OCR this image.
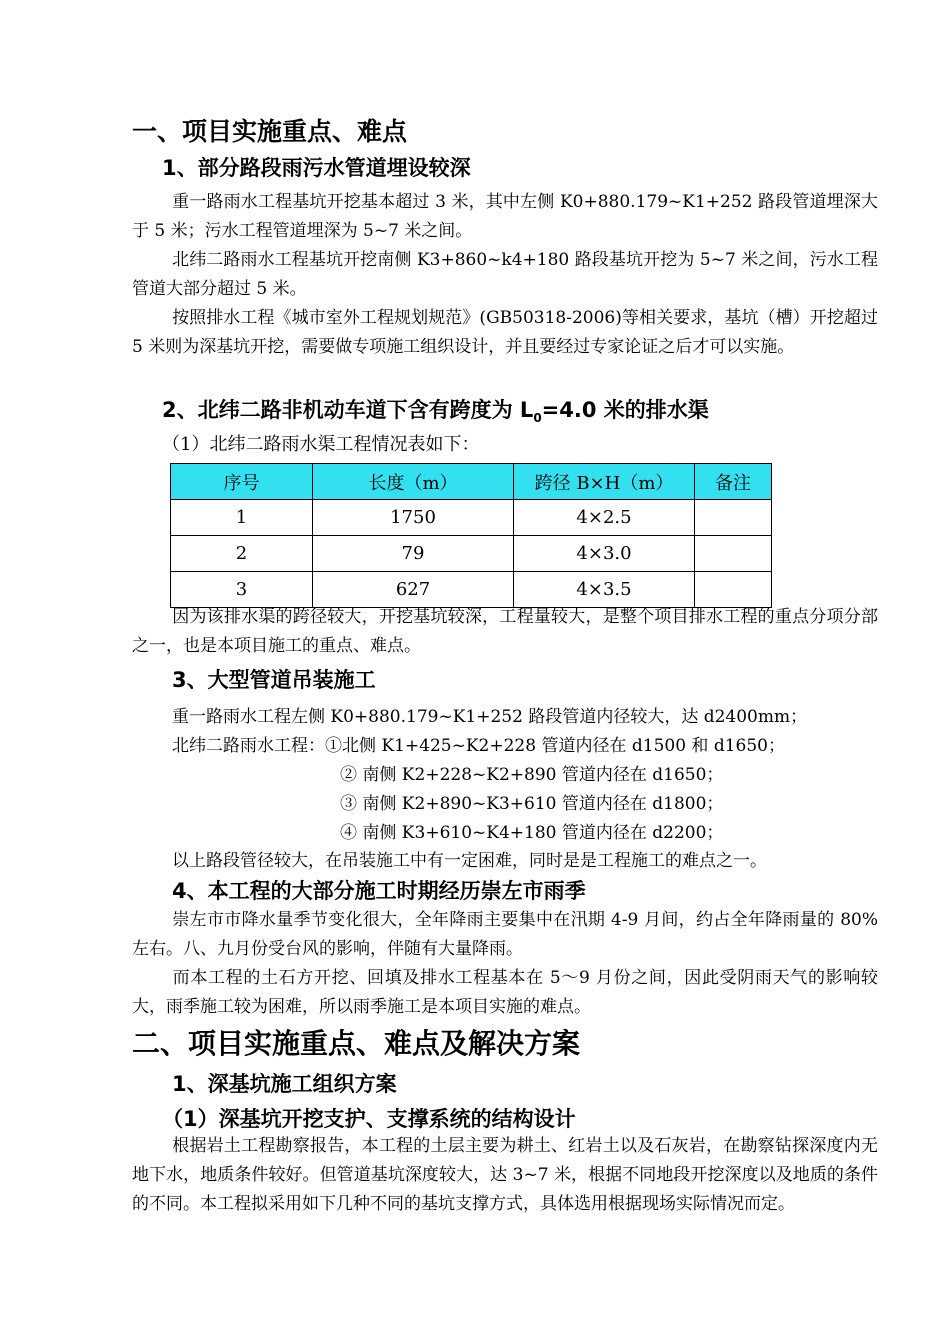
一、项目实施重点、难点
1、部分路段雨污水管道埋设较深
重一路雨水工程基坑开挖基本超过 3 米，其中左侧 K0+880.179~K1+252 路段管道埋深大于 5 米；污水工程管道埋深为 5~7 米之间。
北纬二路雨水工程基坑开挖南侧 K3+860~k4+180 路段基坑开挖为 5~7 米之间，污水工程管道大部分超过 5 米。
按照排水工程《城市室外工程规划规范》(GB50318-2006)等相关要求，基坑（槽）开挖超过 5 米则为深基坑开挖，需要做专项施工组织设计，并且要经过专家论证之后才可以实施。
2、北纬二路非机动车道下含有跨度为 $L_0=4.0$ 米的排水渠
（1）北纬二路雨水渠工程情况表如下：
序号	长度（m）	跨径 B×H（m）	备注
1	1750	4×2.5	
2	79	4×3.0	
3	627	4×3.5	
因为该排水渠的跨径较大，开挖基坑较深，工程量较大，是整个项目排水工程的重点分项分部之一，也是本项目施工的重点、难点。
3、大型管道吊装施工
重一路雨水工程左侧 K0+880.179~K1+252 路段管道内径较大，达 d2400mm；
北纬二路雨水工程：①北侧 K1+425~K2+228 管道内径在 d1500 和 d1650；
② 南侧 K2+228~K2+890 管道内径在 d1650；
③ 南侧 K2+890~K3+610 管道内径在 d1800；
④ 南侧 K3+610~K4+180 管道内径在 d2200；
以上路段管径较大，在吊装施工中有一定困难，同时是是工程施工的难点之一。
4、本工程的大部分施工时期经历崇左市雨季
崇左市市降水量季节变化很大，全年降雨主要集中在汛期 4-9 月间，约占全年降雨量的 80%左右。八、九月份受台风的影响，伴随有大量降雨。
而本工程的土石方开挖、回填及排水工程基本在 5～9 月份之间，因此受阴雨天气的影响较大，雨季施工较为困难，所以雨季施工是本项目实施的难点。
二、项目实施重点、难点及解决方案
1、深基坑施工组织方案
（1）深基坑开挖支护、支撑系统的结构设计
根据岩土工程勘察报告，本工程的土层主要为耕土、红岩土以及石灰岩，在勘察钻探深度内无地下水，地质条件较好。但管道基坑深度较大，达 3~7 米，根据不同地段开挖深度以及地质的条件的不同。本工程拟采用如下几种不同的基坑支撑方式，具体选用根据现场实际情况而定。
